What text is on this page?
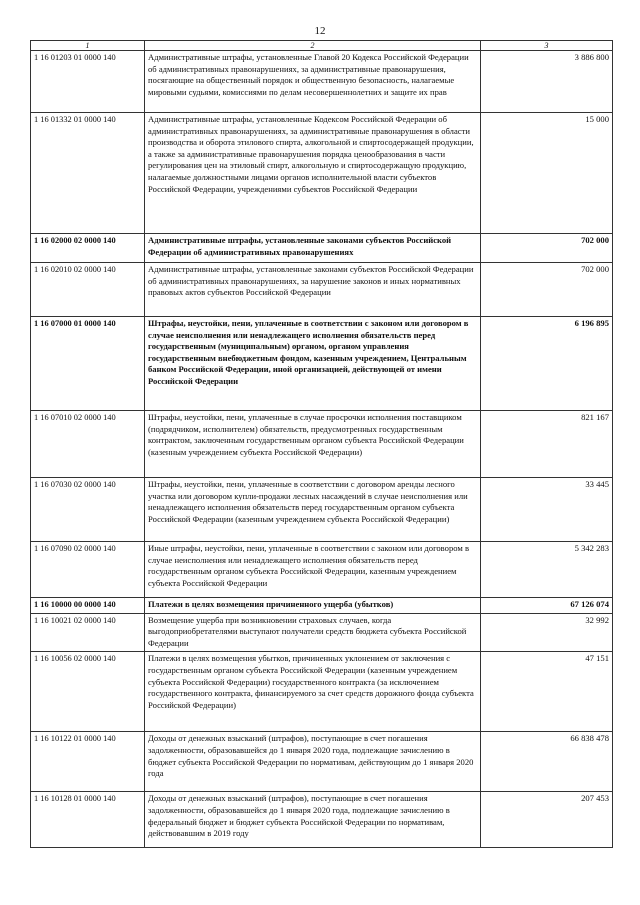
12
1	2	3
1 16 01203 01 0000 140	Административные штрафы, установленные Главой 20 Кодекса Российской Федерации об административных правонарушениях, за административные правонарушения, посягающие на общественный порядок и общественную безопасность, налагаемые мировыми судьями, комиссиями по делам несовершеннолетних и защите их прав	3 886 800
1 16 01332 01 0000 140	Административные штрафы, установленные Кодексом Российской Федерации об административных правонарушениях, за административные правонарушения в области производства и оборота этилового спирта, алкогольной и спиртосодержащей продукции, а также за административные правонарушения порядка ценообразования в части регулирования цен на этиловый спирт, алкогольную и спиртосодержащую продукцию, налагаемые должностными лицами органов исполнительной власти субъектов Российской Федерации, учреждениями субъектов Российской Федерации	15 000
1 16 02000 02 0000 140	Административные штрафы, установленные законами субъектов Российской Федерации об административных правонарушениях	702 000
1 16 02010 02 0000 140	Административные штрафы, установленные законами субъектов Российской Федерации об административных правонарушениях, за нарушение законов и иных нормативных правовых актов субъектов Российской Федерации	702 000
1 16 07000 01 0000 140	Штрафы, неустойки, пени, уплаченные в соответствии с законом или договором в случае неисполнения или ненадлежащего исполнения обязательств перед государственным (муниципальным) органом, органом управления государственным внебюджетным фондом, казенным учреждением, Центральным банком Российской Федерации, иной организацией, действующей от имени Российской Федерации	6 196 895
1 16 07010 02 0000 140	Штрафы, неустойки, пени, уплаченные в случае просрочки исполнения поставщиком (подрядчиком, исполнителем) обязательств, предусмотренных государственным контрактом, заключенным государственным органом субъекта Российской Федерации (казенным учреждением субъекта Российской Федерации)	821 167
1 16 07030 02 0000 140	Штрафы, неустойки, пени, уплаченные в соответствии с договором аренды лесного участка или договором купли-продажи лесных насаждений в случае неисполнения или ненадлежащего исполнения обязательств перед государственным органом субъекта Российской Федерации (казенным учреждением субъекта Российской Федерации)	33 445
1 16 07090 02 0000 140	Иные штрафы, неустойки, пени, уплаченные в соответствии с законом или договором в случае неисполнения или ненадлежащего исполнения обязательств перед государственным органом субъекта Российской Федерации, казенным учреждением субъекта Российской Федерации	5 342 283
1 16 10000 00 0000 140	Платежи в целях возмещения причиненного ущерба (убытков)	67 126 074
1 16 10021 02 0000 140	Возмещение ущерба при возникновении страховых случаев, когда выгодоприобретателями выступают получатели средств бюджета субъекта Российской Федерации	32 992
1 16 10056 02 0000 140	Платежи в целях возмещения убытков, причиненных уклонением от заключения с государственным органом субъекта Российской Федерации (казенным учреждением субъекта Российской Федерации) государственного контракта (за исключением государственного контракта, финансируемого за счет средств дорожного фонда субъекта Российской Федерации)	47 151
1 16 10122 01 0000 140	Доходы от денежных взысканий (штрафов), поступающие в счет погашения задолженности, образовавшейся до 1 января 2020 года, подлежащие зачислению в бюджет субъекта Российской Федерации по нормативам, действующим до 1 января 2020 года	66 838 478
1 16 10128 01 0000 140	Доходы от денежных взысканий (штрафов), поступающие в счет погашения задолженности, образовавшейся до 1 января 2020 года, подлежащие зачислению в федеральный бюджет и бюджет субъекта Российской Федерации по нормативам, действовавшим в 2019 году	207 453
